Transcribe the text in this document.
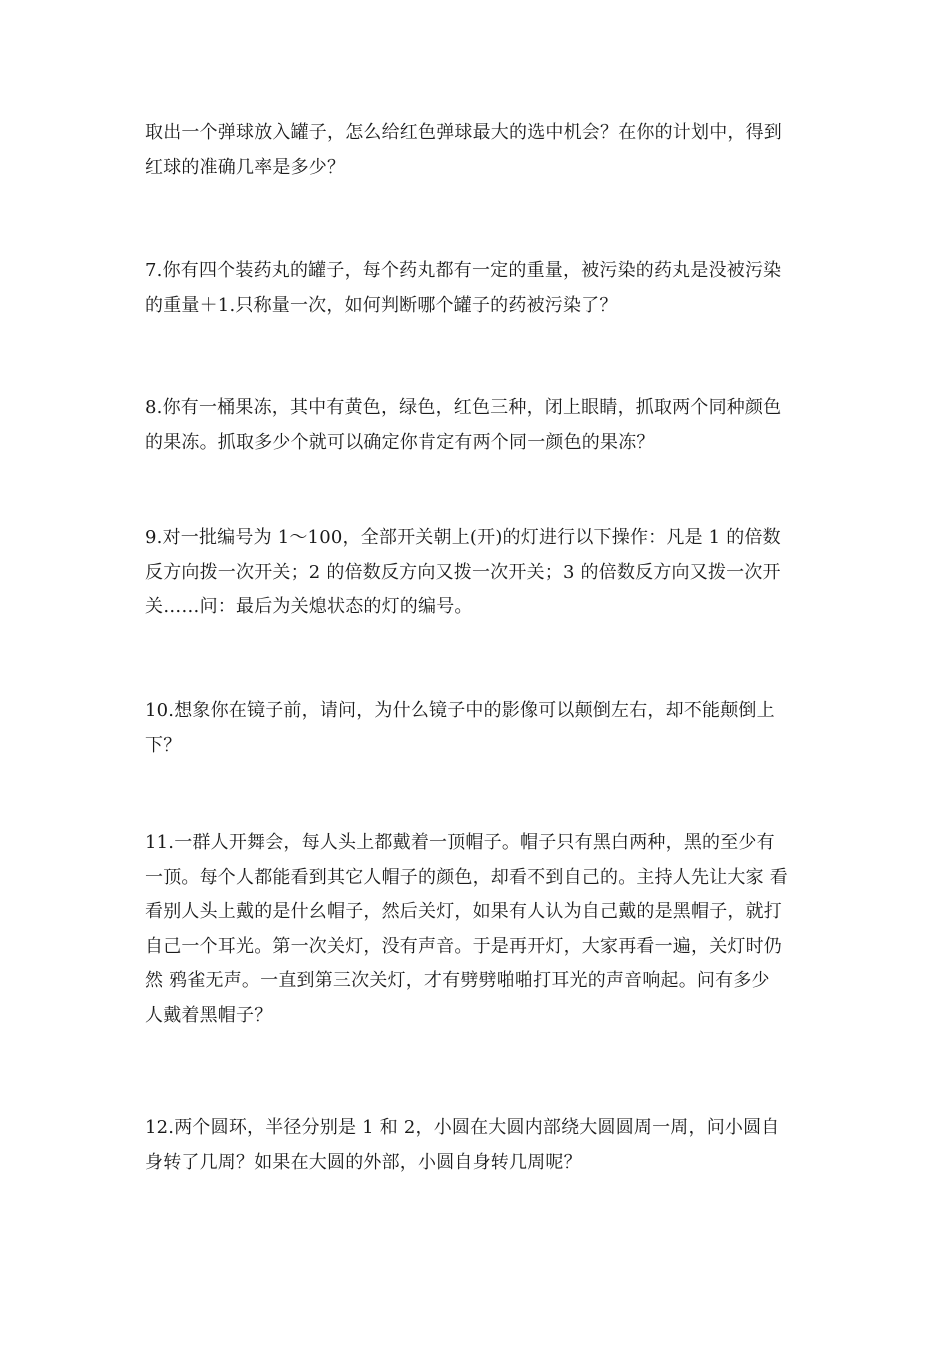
取出一个弹球放入罐子，怎么给红色弹球最大的选中机会？在你的计划中，得到
红球的准确几率是多少？
7.你有四个装药丸的罐子，每个药丸都有一定的重量，被污染的药丸是没被污染
的重量＋1.只称量一次，如何判断哪个罐子的药被污染了？
8.你有一桶果冻，其中有黄色，绿色，红色三种，闭上眼睛，抓取两个同种颜色
的果冻。抓取多少个就可以确定你肯定有两个同一颜色的果冻？
9.对一批编号为 1～100，全部开关朝上(开)的灯进行以下操作：凡是 1 的倍数
反方向拨一次开关；2 的倍数反方向又拨一次开关；3 的倍数反方向又拨一次开
关……问：最后为关熄状态的灯的编号。
10.想象你在镜子前，请问，为什么镜子中的影像可以颠倒左右，却不能颠倒上
下？
11.一群人开舞会，每人头上都戴着一顶帽子。帽子只有黑白两种，黑的至少有
一顶。每个人都能看到其它人帽子的颜色，却看不到自己的。主持人先让大家 看
看别人头上戴的是什幺帽子，然后关灯，如果有人认为自己戴的是黑帽子，就打
自己一个耳光。第一次关灯，没有声音。于是再开灯，大家再看一遍，关灯时仍
然 鸦雀无声。一直到第三次关灯，才有劈劈啪啪打耳光的声音响起。问有多少
人戴着黑帽子？
12.两个圆环，半径分别是 1 和 2，小圆在大圆内部绕大圆圆周一周，问小圆自
身转了几周？如果在大圆的外部，小圆自身转几周呢？
